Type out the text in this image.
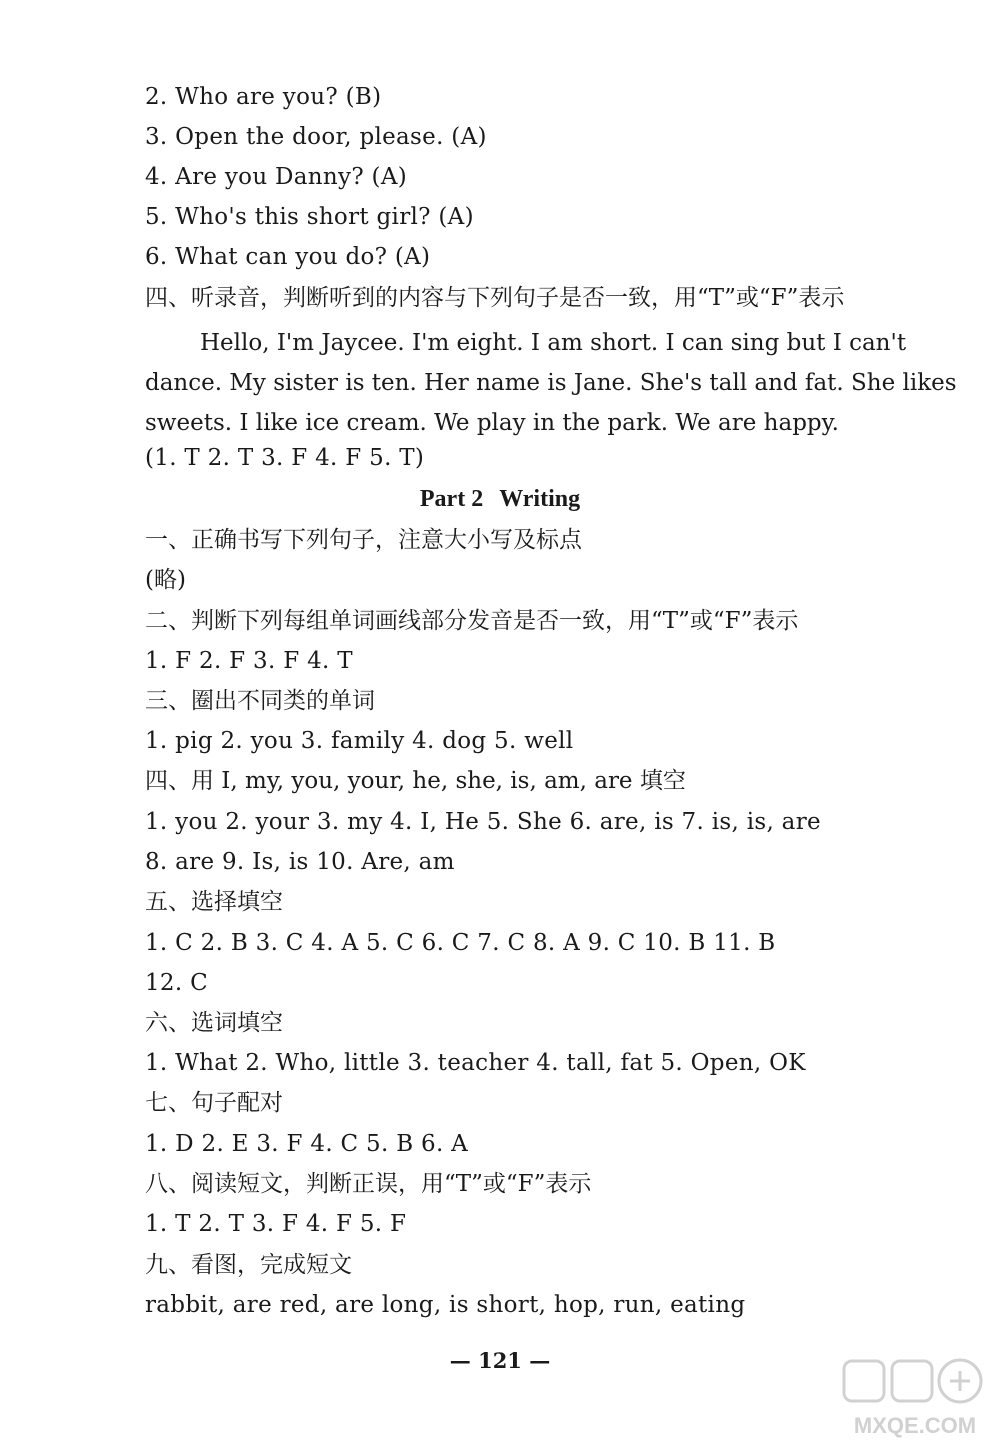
2. Who are you? (B)
3. Open the door, please. (A)
4. Are you Danny? (A)
5. Who's this short girl? (A)
6. What can you do? (A)
四、听录音，判断听到的内容与下列句子是否一致，用“T”或“F”表示
Hello, I'm Jaycee. I'm eight. I am short. I can sing but I can't dance. My sister is ten. Her name is Jane. She's tall and fat. She likes sweets. I like ice cream. We play in the park. We are happy.
(1. T 2. T 3. F 4. F 5. T)
Part 2 Writing
一、正确书写下列句子，注意大小写及标点
(略)
二、判断下列每组单词画线部分发音是否一致，用“T”或“F”表示
1. F 2. F 3. F 4. T
三、圈出不同类的单词
1. pig 2. you 3. family 4. dog 5. well
四、用 I, my, you, your, he, she, is, am, are 填空
1. you 2. your 3. my 4. I, He 5. She 6. are, is 7. is, is, are
8. are 9. Is, is 10. Are, am
五、选择填空
1. C 2. B 3. C 4. A 5. C 6. C 7. C 8. A 9. C 10. B 11. B
12. C
六、选词填空
1. What 2. Who, little 3. teacher 4. tall, fat 5. Open, OK
七、句子配对
1. D 2. E 3. F 4. C 5. B 6. A
八、阅读短文，判断正误，用“T”或“F”表示
1. T 2. T 3. F 4. F 5. F
九、看图，完成短文
rabbit, are red, are long, is short, hop, run, eating
— 121 —
MXQE.COM
